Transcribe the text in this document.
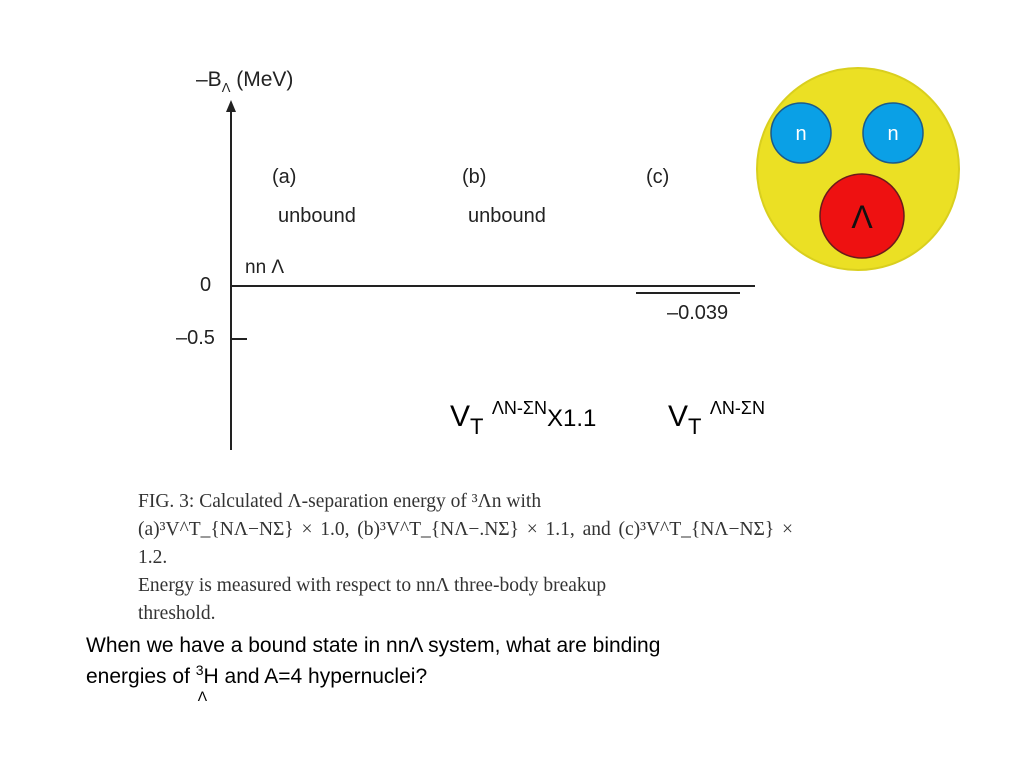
$-B_\Lambda$ (MeV)
0
–0.5
(a)	(b)	(c)
unbound	unbound
nn Λ
–0.039
$V_T$ $^{\Lambda N-\Sigma N}$X1.1 $V_T$ $^{\Lambda N-\Sigma N}$
n	n
Λ

FIG. 3: Calculated Λ-separation energy of ³Λn with

(a)³V^T_{NΛ−NΣ} × 1.0, (b)³V^T_{NΛ−.NΣ} × 1.1, and (c)³V^T_{NΛ−NΣ} × 1.2.

Energy is measured with respect to nnΛ three-body breakup

threshold.

When we have a bound state in nnΛ system, what are binding

energies of $\Lambda^3H$ and A=4 hypernuclei?
